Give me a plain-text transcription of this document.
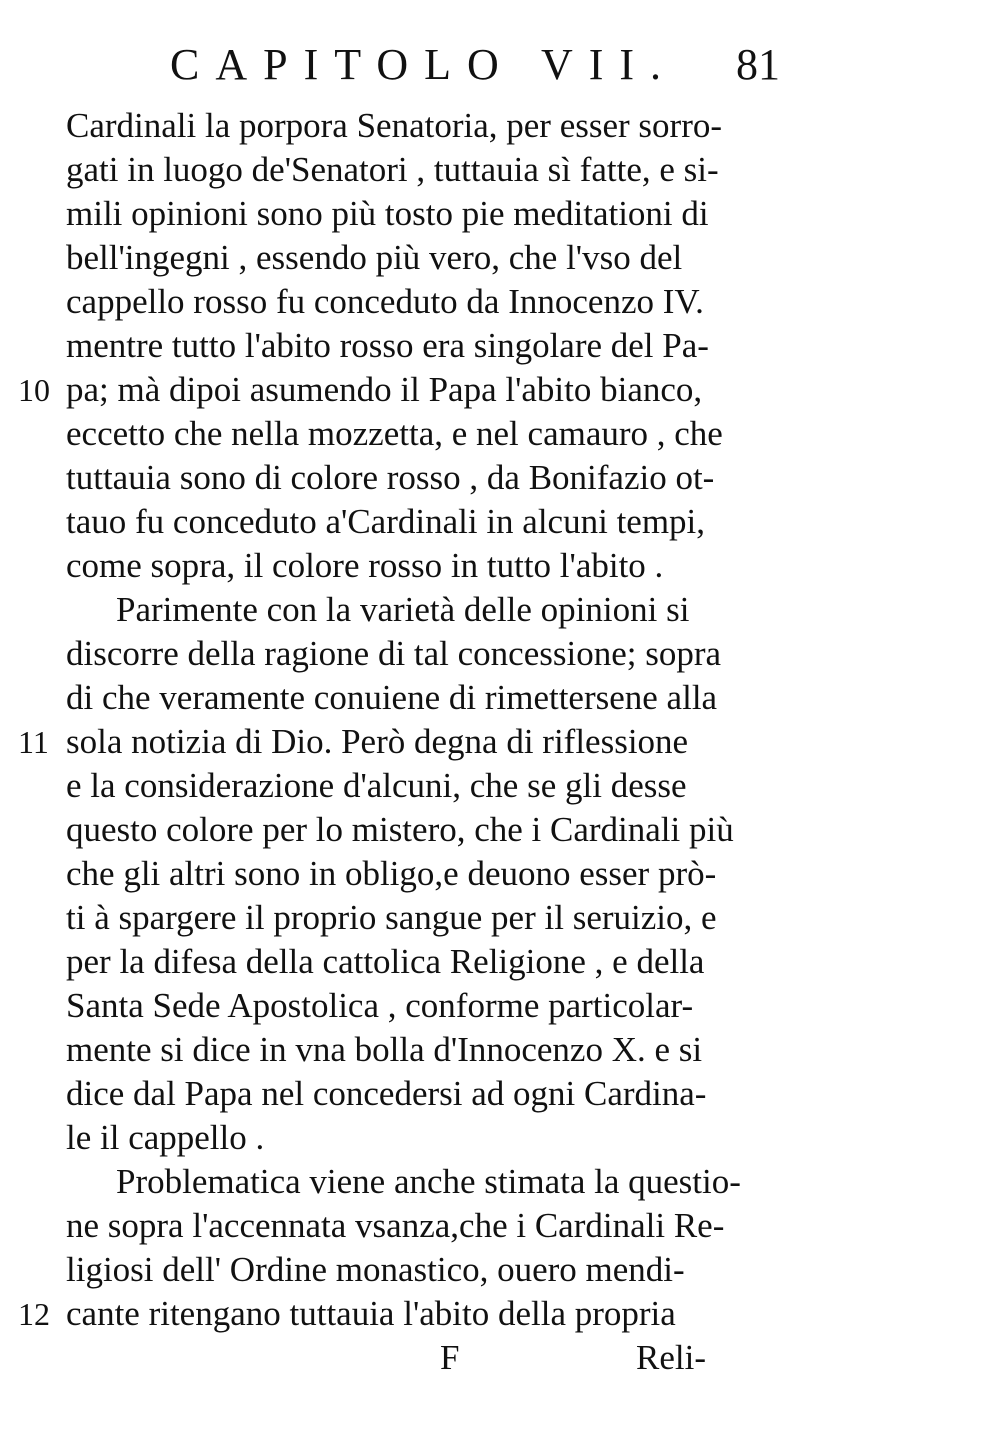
CAPITOLO VII. 81
Cardinali la porpora Senatoria, per esser sorro-
gati in luogo de'Senatori , tuttauia sì fatte, e si-
mili opinioni sono più tosto pie meditationi di
bell'ingegni , essendo più vero, che l'vso del
cappello rosso fu conceduto da Innocenzo IV.
mentre tutto l'abito rosso era singolare del Pa-
10 pa; mà dipoi asumendo il Papa l'abito bianco,
eccetto che nella mozzetta, e nel camauro , che
tuttauia sono di colore rosso , da Bonifazio ot-
tauo fu conceduto a'Cardinali in alcuni tempi,
come sopra, il colore rosso in tutto l'abito .
Parimente con la varietà delle opinioni si
discorre della ragione di tal concessione; sopra
di che veramente conuiene di rimettersene alla
11 sola notizia di Dio. Però degna di riflessione
e la considerazione d'alcuni, che se gli desse
questo colore per lo mistero, che i Cardinali più
che gli altri sono in obligo,e deuono esser prò-
ti à spargere il proprio sangue per il seruizio, e
per la difesa della cattolica Religione , e della
Santa Sede Apostolica , conforme particolar-
mente si dice in vna bolla d'Innocenzo X. e si
dice dal Papa nel concedersi ad ogni Cardina-
le il cappello .
Problematica viene anche stimata la questio-
ne sopra l'accennata vsanza,che i Cardinali Re-
ligiosi dell' Ordine monastico, ouero mendi-
12 cante ritengano tuttauia l'abito della propria
F	Reli-
